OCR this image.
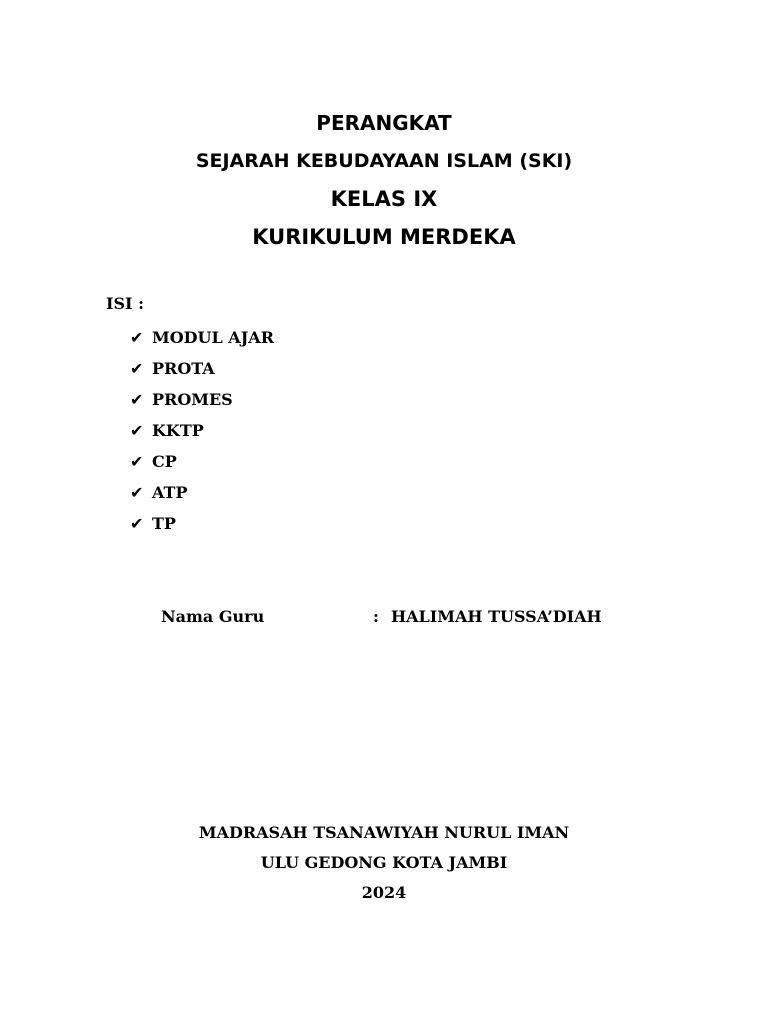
PERANGKAT
SEJARAH KEBUDAYAAN ISLAM (SKI)
KELAS IX
KURIKULUM MERDEKA
ISI :
✔ MODUL AJAR
✔ PROTA
✔ PROMES
✔ KKTP
✔ CP
✔ ATP
✔ TP
Nama Guru	: HALIMAH TUSSA’DIAH
MADRASAH TSANAWIYAH NURUL IMAN
ULU GEDONG KOTA JAMBI
2024
